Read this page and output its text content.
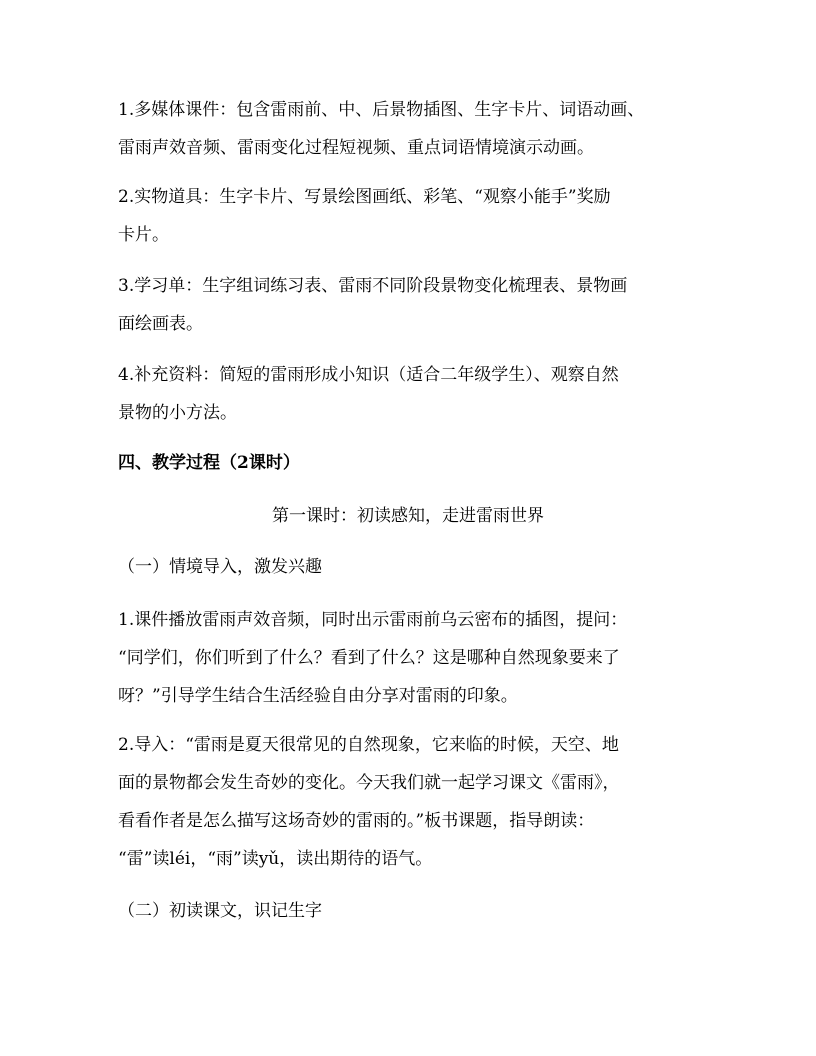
1.多媒体课件：包含雷雨前、中、后景物插图、生字卡片、词语动画、
雷雨声效音频、雷雨变化过程短视频、重点词语情境演示动画。

2.实物道具：生字卡片、写景绘图画纸、彩笔、“观察小能手”奖励
卡片。

3.学习单：生字组词练习表、雷雨不同阶段景物变化梳理表、景物画
面绘画表。

4.补充资料：简短的雷雨形成小知识（适合二年级学生）、观察自然
景物的小方法。

四、教学过程（2课时）

第一课时：初读感知，走进雷雨世界

（一）情境导入，激发兴趣

1.课件播放雷雨声效音频，同时出示雷雨前乌云密布的插图，提问：
“同学们，你们听到了什么？看到了什么？这是哪种自然现象要来了
呀？”引导学生结合生活经验自由分享对雷雨的印象。

2.导入：“雷雨是夏天很常见的自然现象，它来临的时候，天空、地
面的景物都会发生奇妙的变化。今天我们就一起学习课文《雷雨》，
看看作者是怎么描写这场奇妙的雷雨的。”板书课题，指导朗读：
“雷”读léi，“雨”读yǔ，读出期待的语气。

（二）初读课文，识记生字
